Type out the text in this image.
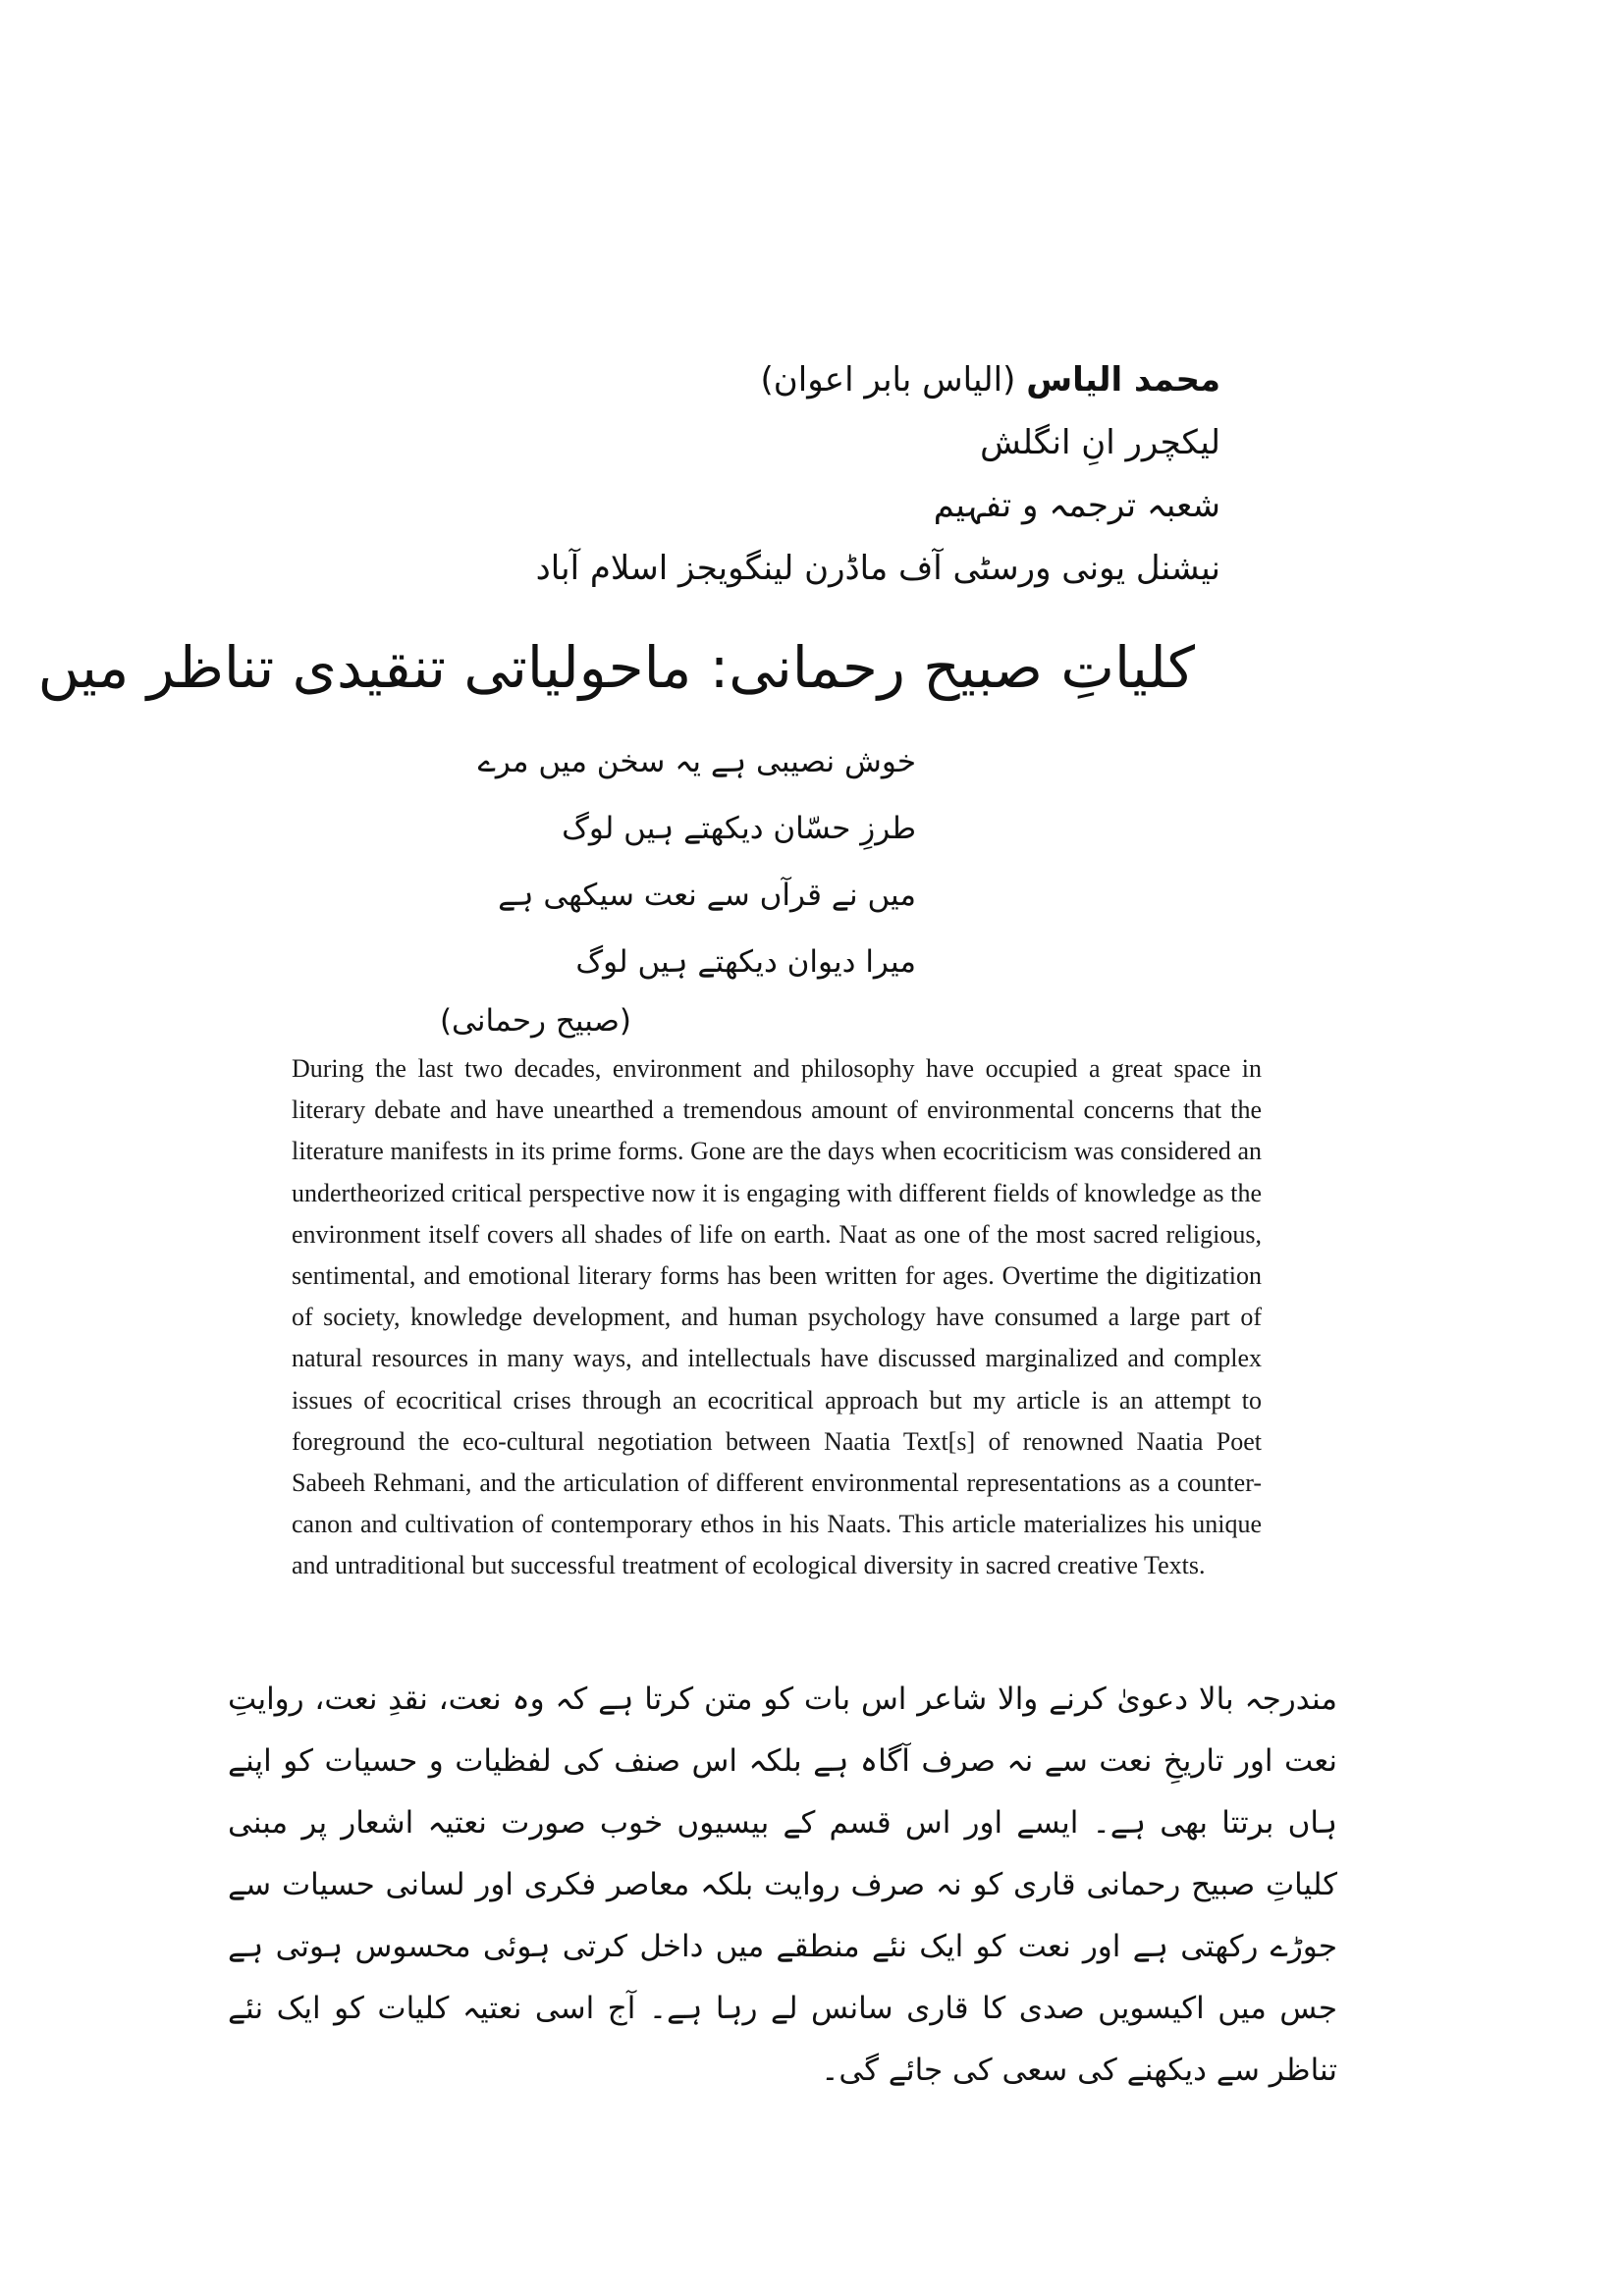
محمد الیاس (الیاس بابر اعوان)
لیکچرر انِ انگلش
شعبہ ترجمہ و تفہیم
نیشنل یونی ورسٹی آف ماڈرن لینگویجز اسلام آباد
کلیاتِ صبیح رحمانی: ماحولیاتی تنقیدی تناظر میں
خوش نصیبی ہے یہ سخن میں مرے
طرزِ حسّان دیکھتے ہیں لوگ
میں نے قرآں سے نعت سیکھی ہے
میرا دیوان دیکھتے ہیں لوگ
(صبیح رحمانی)
During the last two decades, environment and philosophy have occupied a great space in literary debate and have unearthed a tremendous amount of environmental concerns that the literature manifests in its prime forms. Gone are the days when ecocriticism was considered an undertheorized critical perspective now it is engaging with different fields of knowledge as the environment itself covers all shades of life on earth. Naat as one of the most sacred religious, sentimental, and emotional literary forms has been written for ages. Overtime the digitization of society, knowledge development, and human psychology have consumed a large part of natural resources in many ways, and intellectuals have discussed marginalized and complex issues of ecocritical crises through an ecocritical approach but my article is an attempt to foreground the eco-cultural negotiation between Naatia Text[s] of renowned Naatia Poet Sabeeh Rehmani, and the articulation of different environmental representations as a counter-canon and cultivation of contemporary ethos in his Naats. This article materializes his unique and untraditional but successful treatment of ecological diversity in sacred creative Texts.
مندرجہ بالا دعویٰ کرنے والا شاعر اس بات کو متن کرتا ہے کہ وہ نعت، نقدِ نعت، روایتِ نعت اور تاریخِ نعت سے نہ صرف آگاہ ہے بلکہ اس صنف کی لفظیات و حسیات کو اپنے ہاں برتتا بھی ہے۔ ایسے اور اس قسم کے بیسیوں خوب صورت نعتیہ اشعار پر مبنی کلیاتِ صبیح رحمانی قاری کو نہ صرف روایت بلکہ معاصر فکری اور لسانی حسیات سے جوڑے رکھتی ہے اور نعت کو ایک نئے منطقے میں داخل کرتی ہوئی محسوس ہوتی ہے جس میں اکیسویں صدی کا قاری سانس لے رہا ہے۔ آج اسی نعتیہ کلیات کو ایک نئے تناظر سے دیکھنے کی سعی کی جائے گی۔
